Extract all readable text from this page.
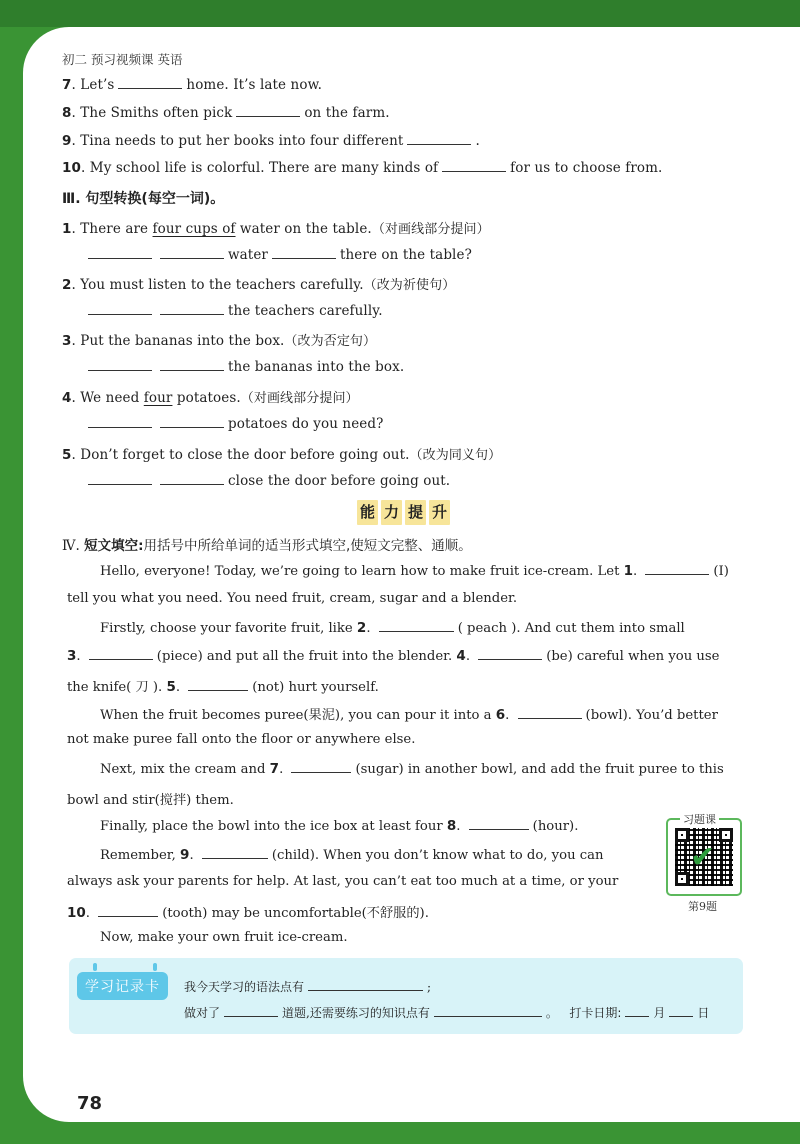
初二 预习视频课 英语
7. Let’s	home. It’s late now.
8. The Smiths often pick	on the farm.
9. Tina needs to put her books into four different	.
10. My school life is colorful. There are many kinds of	for us to choose from.
Ⅲ. 句型转换(每空一词)。
1. There are four cups of water on the table.（对画线部分提问）
water	there on the table?
2. You must listen to the teachers carefully.（改为祈使句）
the teachers carefully.
3. Put the bananas into the box.（改为否定句）
the bananas into the box.
4. We need four potatoes.（对画线部分提问）
potatoes do you need?
5. Don’t forget to close the door before going out.（改为同义句）
close the door before going out.
能 力 提 升
Ⅳ. 短文填空:用括号中所给单词的适当形式填空,使短文完整、通顺。
Hello, everyone! Today, we’re going to learn how to make fruit ice-cream. Let 1.	(I)
tell you what you need. You need fruit, cream, sugar and a blender.
Firstly, choose your favorite fruit, like 2.	( peach ). And cut them into small
3.	(piece) and put all the fruit into the blender. 4.	(be) careful when you use
the knife( 刀 ). 5.	(not) hurt yourself.
When the fruit becomes puree(果泥), you can pour it into a 6.	(bowl). You’d better
not make puree fall onto the floor or anywhere else.
Next, mix the cream and 7.	(sugar) in another bowl, and add the fruit puree to this
bowl and stir(搅拌) them.
Finally, place the bowl into the ice box at least four 8.	(hour).
Remember, 9.	(child). When you don’t know what to do, you can
always ask your parents for help. At last, you can’t eat too much at a time, or your
10.	(tooth) may be uncomfortable(不舒服的).
Now, make your own fruit ice-cream.
习题课
✔
第9题
学习记录卡	我今天学习的语法点有	;
做对了	道题,还需要练习的知识点有	。 打卡日期:	月	日
78
